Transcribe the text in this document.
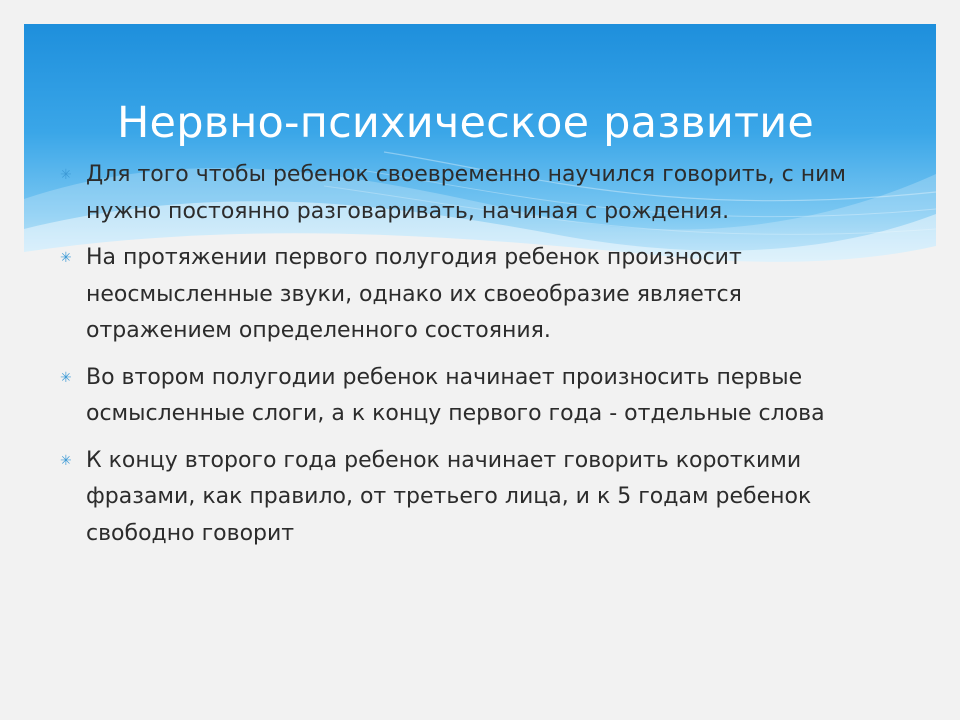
Нервно-психическое развитие
✳ Для того чтобы ребенок своевременно научился говорить, с ним нужно постоянно разговаривать, начиная с рождения.
✳ На протяжении первого полугодия ребенок произносит неосмысленные звуки, однако их своеобразие является отражением определенного состояния.
✳ Во втором полугодии ребенок начинает произносить первые осмысленные слоги, а к концу первого года - отдельные слова
✳ К концу второго года ребенок начинает говорить короткими фразами, как правило, от третьего лица, и к 5 годам ребенок свободно говорит
